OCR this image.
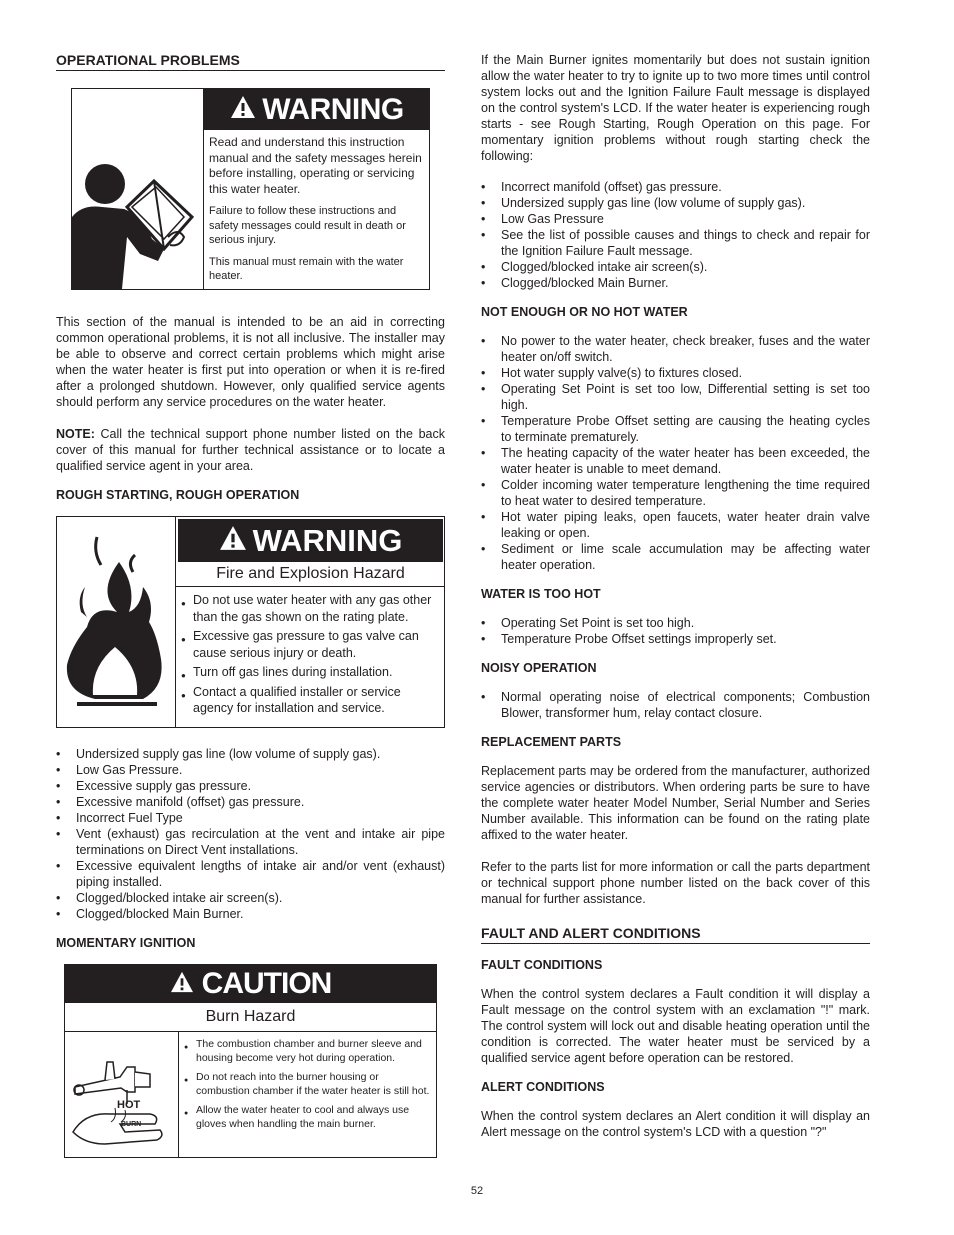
OPERATIONAL PROBLEMS
WARNING
Read and understand this instruction manual and the safety messages herein before installing, operating or servicing this water heater.
Failure to follow these instructions and safety messages could result in death or serious injury.
This manual must remain with the water heater.

This section of the manual is intended to be an aid in correcting common operational problems, it is not all inclusive. The installer may be able to observe and correct certain problems which might arise when the water heater is first put into operation or when it is re-fired after a prolonged shutdown. However, only qualified service agents should perform any service procedures on the water heater.

NOTE: Call the technical support phone number listed on the back cover of this manual for further technical assistance or to locate a qualified service agent in your area.

ROUGH STARTING, ROUGH OPERATION
WARNING
Fire and Explosion Hazard
● Do not use water heater with any gas other than the gas shown on the rating plate.
● Excessive gas pressure to gas valve can cause serious injury or death.
● Turn off gas lines during installation.
● Contact a qualified installer or service agency for installation and service.
• Undersized supply gas line (low volume of supply gas).
• Low Gas Pressure.
• Excessive supply gas pressure.
• Excessive manifold (offset) gas pressure.
• Incorrect Fuel Type
• Vent (exhaust) gas recirculation at the vent and intake air pipe terminations on Direct Vent installations.
• Excessive equivalent lengths of intake air and/or vent (exhaust) piping installed.
• Clogged/blocked intake air screen(s).
• Clogged/blocked Main Burner.
MOMENTARY IGNITION
CAUTION
Burn Hazard
HOT
BURN
● The combustion chamber and burner sleeve and housing become very hot during operation.
● Do not reach into the burner housing or combustion chamber if the water heater is still hot.
● Allow the water heater to cool and always use gloves when handling the main burner.

If the Main Burner ignites momentarily but does not sustain ignition allow the water heater to try to ignite up to two more times until control system locks out and the Ignition Failure Fault message is displayed on the control system's LCD. If the water heater is experiencing rough starts - see Rough Starting, Rough Operation on this page. For momentary ignition problems without rough starting check the following:

• Incorrect manifold (offset) gas pressure.
• Undersized supply gas line (low volume of supply gas).
• Low Gas Pressure
• See the list of possible causes and things to check and repair for the Ignition Failure Fault message.
• Clogged/blocked intake air screen(s).
• Clogged/blocked Main Burner.
NOT ENOUGH OR NO HOT WATER
• No power to the water heater, check breaker, fuses and the water heater on/off switch.
• Hot water supply valve(s) to fixtures closed.
• Operating Set Point is set too low, Differential setting is set too high.
• Temperature Probe Offset setting are causing the heating cycles to terminate prematurely.
• The heating capacity of the water heater has been exceeded, the water heater is unable to meet demand.
• Colder incoming water temperature lengthening the time required to heat water to desired temperature.
• Hot water piping leaks, open faucets, water heater drain valve leaking or open.
• Sediment or lime scale accumulation may be affecting water heater operation.
WATER IS TOO HOT
• Operating Set Point is set too high.
• Temperature Probe Offset settings improperly set.
NOISY OPERATION
• Normal operating noise of electrical components; Combustion Blower, transformer hum, relay contact closure.
REPLACEMENT PARTS

Replacement parts may be ordered from the manufacturer, authorized service agencies or distributors. When ordering parts be sure to have the complete water heater Model Number, Serial Number and Series Number available. This information can be found on the rating plate affixed to the water heater.

Refer to the parts list for more information or call the parts department or technical support phone number listed on the back cover of this manual for further assistance.

FAULT AND ALERT CONDITIONS
FAULT CONDITIONS

When the control system declares a Fault condition it will display a Fault message on the control system with an exclamation "!" mark. The control system will lock out and disable heating operation until the condition is corrected. The water heater must be serviced by a qualified service agent before operation can be restored.

ALERT CONDITIONS

When the control system declares an Alert condition it will display an Alert message on the control system's LCD with a question "?"

52
